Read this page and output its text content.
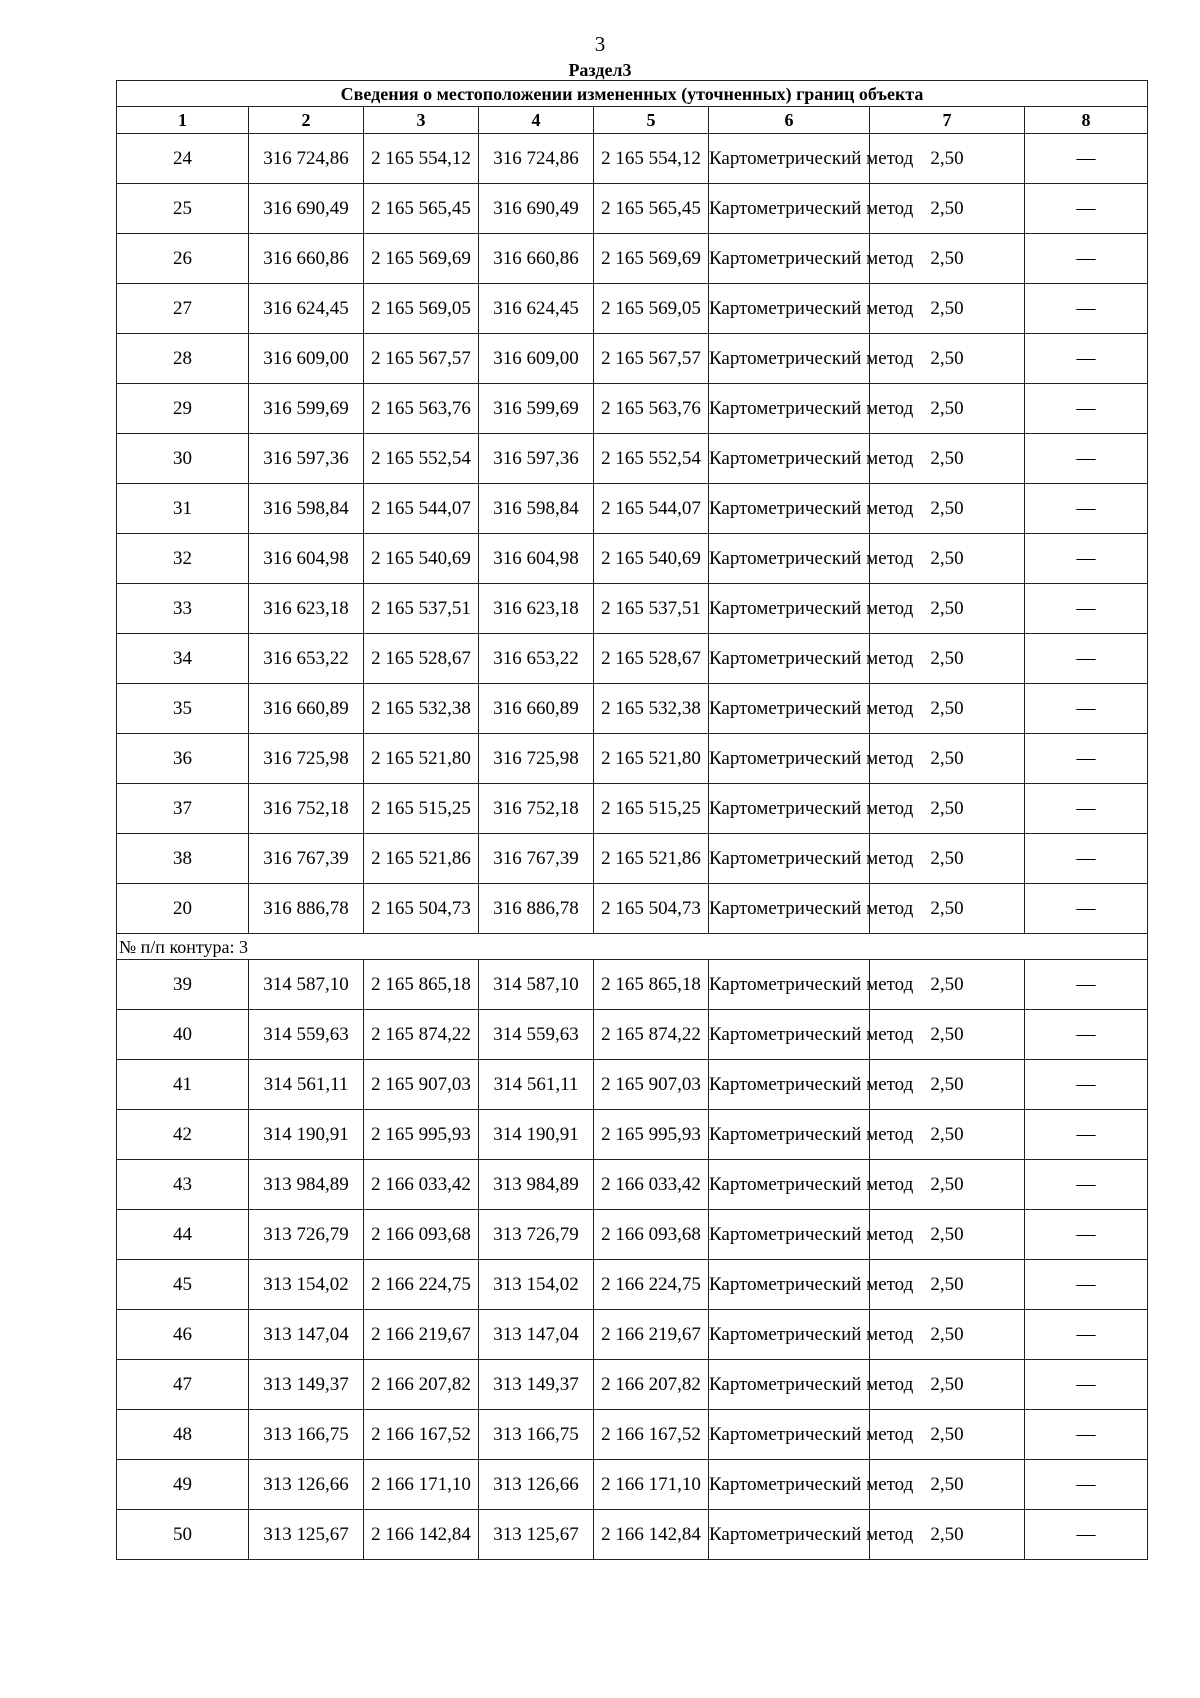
3
Раздел3
Сведения о местоположении измененных (уточненных) границ объекта							
1	2	3	4	5	6	7	8
24	316 724,86	2 165 554,12	316 724,86	2 165 554,12	Картометрический метод	2,50	—
25	316 690,49	2 165 565,45	316 690,49	2 165 565,45	Картометрический метод	2,50	—
26	316 660,86	2 165 569,69	316 660,86	2 165 569,69	Картометрический метод	2,50	—
27	316 624,45	2 165 569,05	316 624,45	2 165 569,05	Картометрический метод	2,50	—
28	316 609,00	2 165 567,57	316 609,00	2 165 567,57	Картометрический метод	2,50	—
29	316 599,69	2 165 563,76	316 599,69	2 165 563,76	Картометрический метод	2,50	—
30	316 597,36	2 165 552,54	316 597,36	2 165 552,54	Картометрический метод	2,50	—
31	316 598,84	2 165 544,07	316 598,84	2 165 544,07	Картометрический метод	2,50	—
32	316 604,98	2 165 540,69	316 604,98	2 165 540,69	Картометрический метод	2,50	—
33	316 623,18	2 165 537,51	316 623,18	2 165 537,51	Картометрический метод	2,50	—
34	316 653,22	2 165 528,67	316 653,22	2 165 528,67	Картометрический метод	2,50	—
35	316 660,89	2 165 532,38	316 660,89	2 165 532,38	Картометрический метод	2,50	—
36	316 725,98	2 165 521,80	316 725,98	2 165 521,80	Картометрический метод	2,50	—
37	316 752,18	2 165 515,25	316 752,18	2 165 515,25	Картометрический метод	2,50	—
38	316 767,39	2 165 521,86	316 767,39	2 165 521,86	Картометрический метод	2,50	—
20	316 886,78	2 165 504,73	316 886,78	2 165 504,73	Картометрический метод	2,50	—
№ п/п контура: 3							
39	314 587,10	2 165 865,18	314 587,10	2 165 865,18	Картометрический метод	2,50	—
40	314 559,63	2 165 874,22	314 559,63	2 165 874,22	Картометрический метод	2,50	—
41	314 561,11	2 165 907,03	314 561,11	2 165 907,03	Картометрический метод	2,50	—
42	314 190,91	2 165 995,93	314 190,91	2 165 995,93	Картометрический метод	2,50	—
43	313 984,89	2 166 033,42	313 984,89	2 166 033,42	Картометрический метод	2,50	—
44	313 726,79	2 166 093,68	313 726,79	2 166 093,68	Картометрический метод	2,50	—
45	313 154,02	2 166 224,75	313 154,02	2 166 224,75	Картометрический метод	2,50	—
46	313 147,04	2 166 219,67	313 147,04	2 166 219,67	Картометрический метод	2,50	—
47	313 149,37	2 166 207,82	313 149,37	2 166 207,82	Картометрический метод	2,50	—
48	313 166,75	2 166 167,52	313 166,75	2 166 167,52	Картометрический метод	2,50	—
49	313 126,66	2 166 171,10	313 126,66	2 166 171,10	Картометрический метод	2,50	—
50	313 125,67	2 166 142,84	313 125,67	2 166 142,84	Картометрический метод	2,50	—
